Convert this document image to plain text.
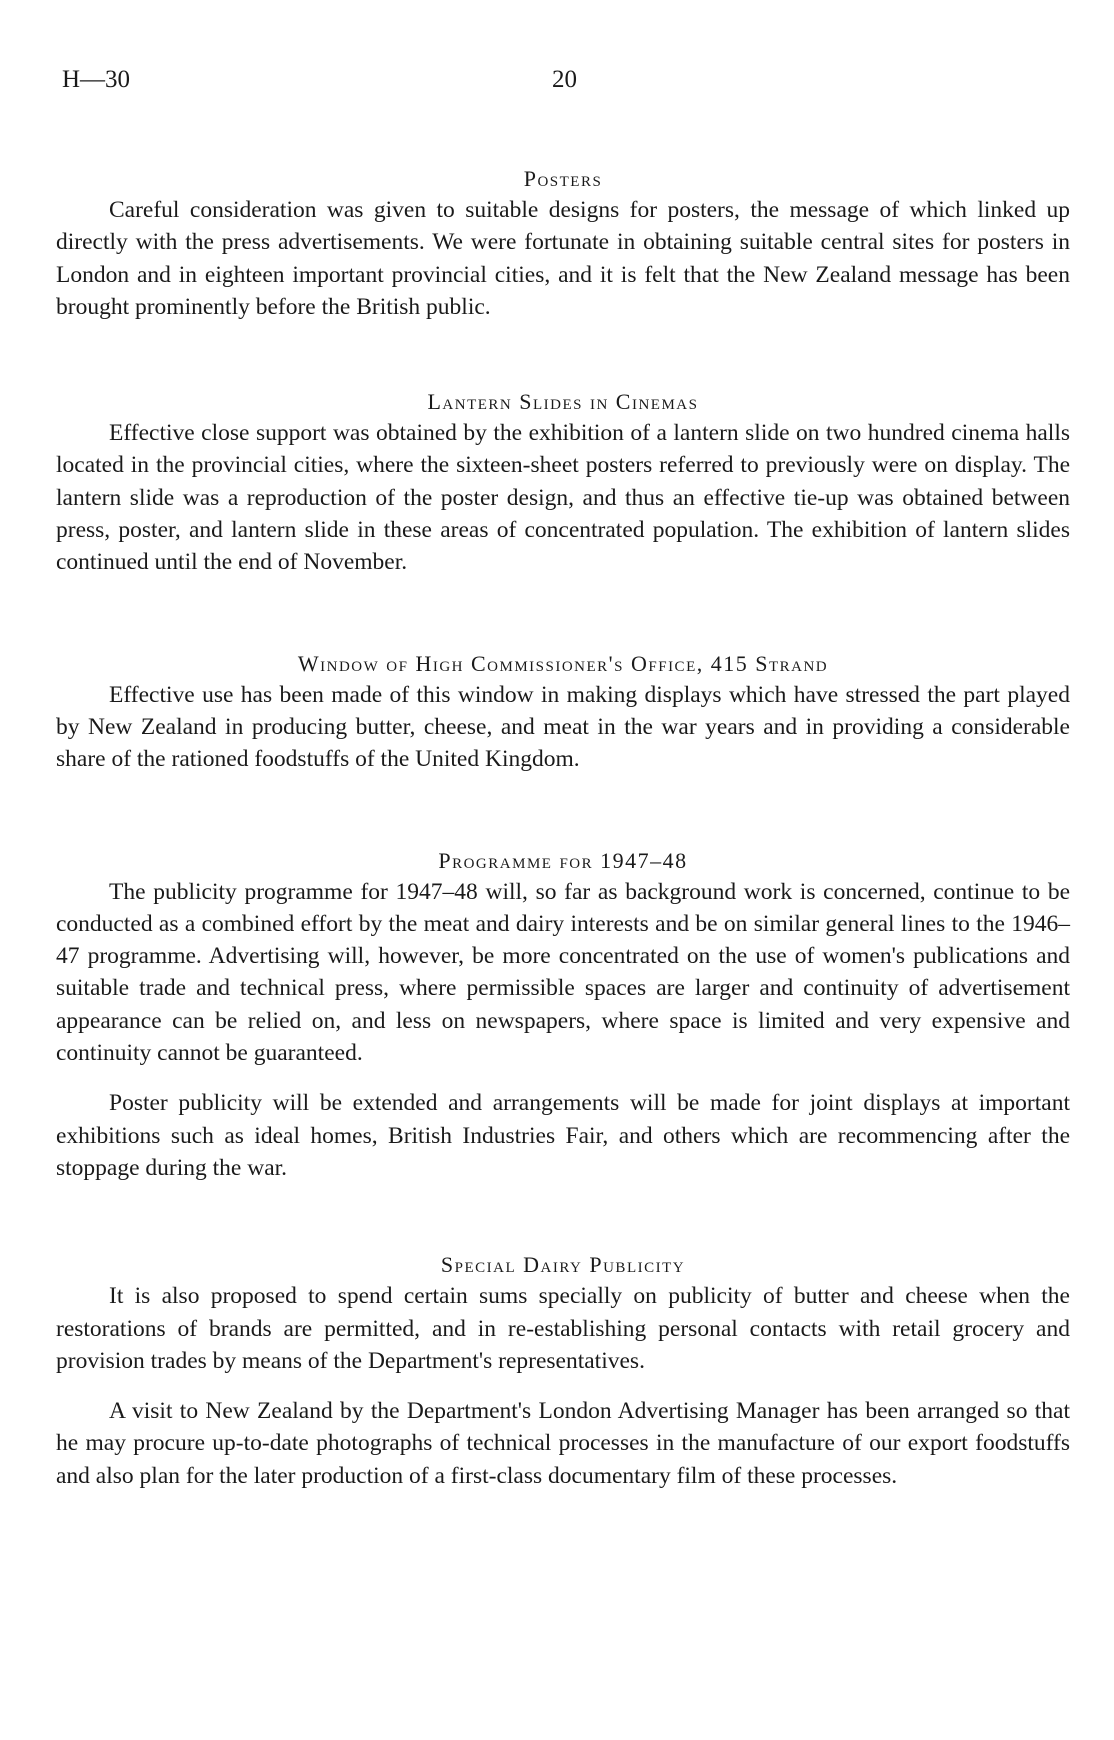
H—30	20
Posters

Careful consideration was given to suitable designs for posters, the message of which linked up directly with the press advertisements. We were fortunate in obtaining suitable central sites for posters in London and in eighteen important provincial cities, and it is felt that the New Zealand message has been brought prominently before the British public.

Lantern Slides in Cinemas

Effective close support was obtained by the exhibition of a lantern slide on two hundred cinema halls located in the provincial cities, where the sixteen-sheet posters referred to previously were on display. The lantern slide was a reproduction of the poster design, and thus an effective tie-up was obtained between press, poster, and lantern slide in these areas of concentrated population. The exhibition of lantern slides continued until the end of November.

Window of High Commissioner's Office, 415 Strand

Effective use has been made of this window in making displays which have stressed the part played by New Zealand in producing butter, cheese, and meat in the war years and in providing a considerable share of the rationed foodstuffs of the United Kingdom.

Programme for 1947–48

The publicity programme for 1947–48 will, so far as background work is concerned, continue to be conducted as a combined effort by the meat and dairy interests and be on similar general lines to the 1946–47 programme. Advertising will, however, be more concentrated on the use of women's publications and suitable trade and technical press, where permissible spaces are larger and continuity of advertisement appearance can be relied on, and less on newspapers, where space is limited and very expensive and continuity cannot be guaranteed.

Poster publicity will be extended and arrangements will be made for joint displays at important exhibitions such as ideal homes, British Industries Fair, and others which are recommencing after the stoppage during the war.

Special Dairy Publicity

It is also proposed to spend certain sums specially on publicity of butter and cheese when the restorations of brands are permitted, and in re-establishing personal contacts with retail grocery and provision trades by means of the Department's representatives.

A visit to New Zealand by the Department's London Advertising Manager has been arranged so that he may procure up-to-date photographs of technical processes in the manufacture of our export foodstuffs and also plan for the later production of a first-class documentary film of these processes.
